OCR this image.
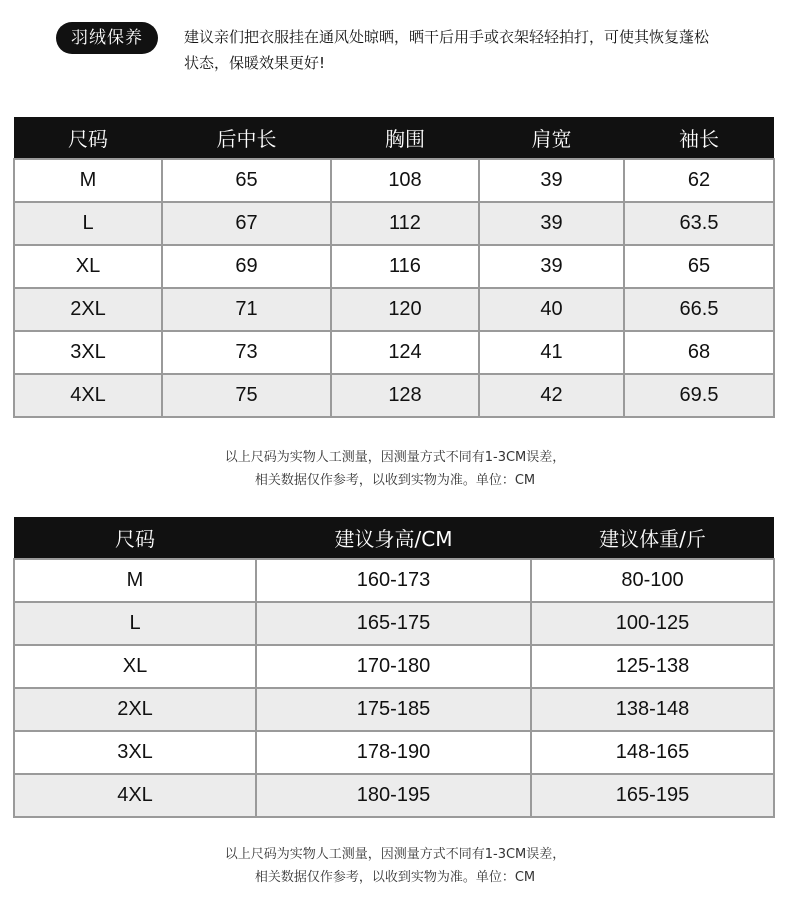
羽绒保养	建议亲们把衣服挂在通风处晾晒，晒干后用手或衣架轻轻拍打，可使其恢复蓬松
状态，保暖效果更好!
尺码	后中长	胸围	肩宽	袖长
M	65	108	39	62
L	67	112	39	63.5
XL	69	116	39	65
2XL	71	120	40	66.5
3XL	73	124	41	68
4XL	75	128	42	69.5
以上尺码为实物人工测量，因测量方式不同有1-3CM误差，
相关数据仅作参考，以收到实物为准。单位：CM
尺码	建议身高/CM	建议体重/斤
M	160-173	80-100
L	165-175	100-125
XL	170-180	125-138
2XL	175-185	138-148
3XL	178-190	148-165
4XL	180-195	165-195
以上尺码为实物人工测量，因测量方式不同有1-3CM误差，
相关数据仅作参考，以收到实物为准。单位：CM
